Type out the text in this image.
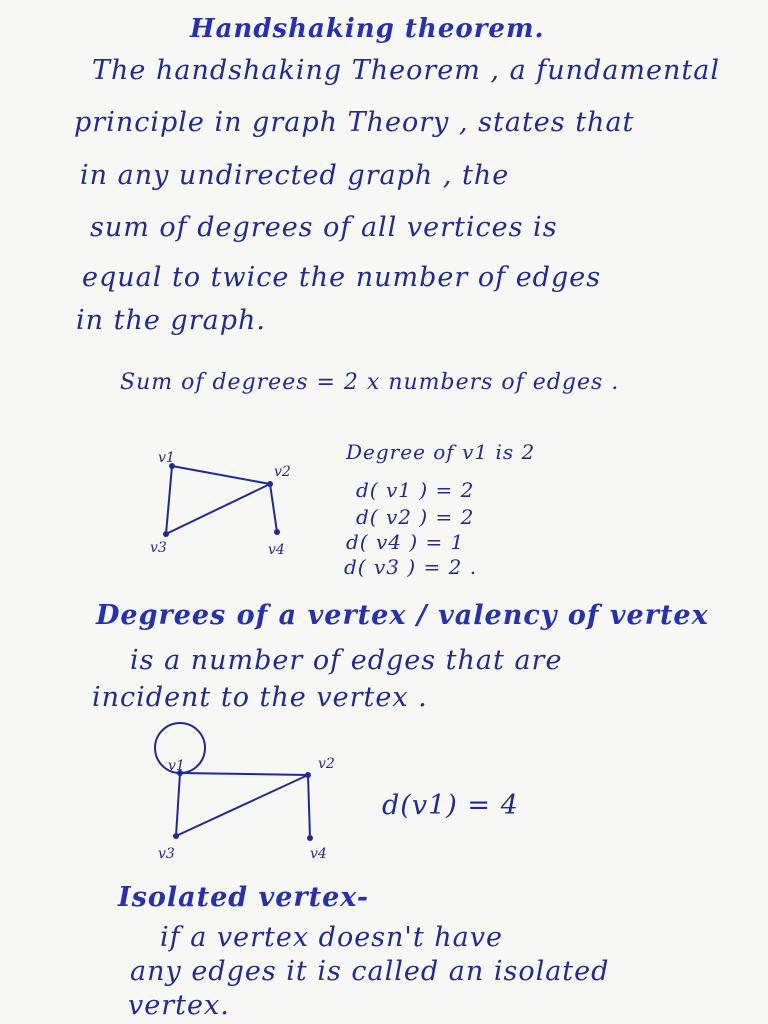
Handshaking theorem.
The handshaking Theorem , a fundamental
principle in graph Theory , states that
in any undirected graph , the
sum of degrees of all vertices is
equal to twice the number of edges
in the graph.
Sum of degrees = 2 x numbers of edges .
v1
v2
v3	v4
Degree of v1 is 2
d( v1 ) = 2
d( v2 ) = 2
d( v4 ) = 1
d( v3 ) = 2 .
Degrees of a vertex / valency of vertex
is a number of edges that are
incident to the vertex .
v1	v2
v3	v4
d(v1) = 4
Isolated vertex-
if a vertex doesn't have
any edges it is called an isolated
vertex.
